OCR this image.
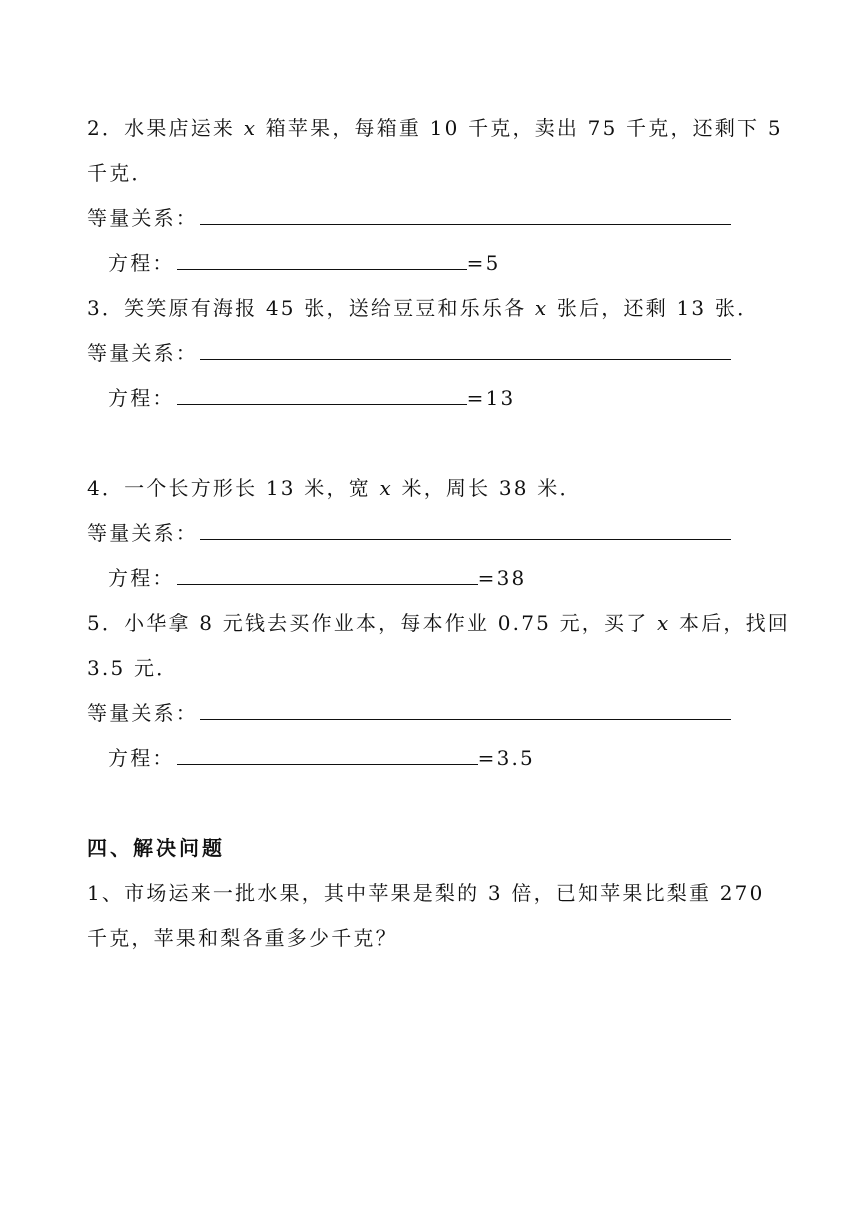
2．水果店运来 x 箱苹果，每箱重 10 千克，卖出 75 千克，还剩下 5
千克．
等量关系：
方程：	=5
3．笑笑原有海报 45 张，送给豆豆和乐乐各 x 张后，还剩 13 张．
等量关系：
方程：	=13
4．一个长方形长 13 米，宽 x 米，周长 38 米．
等量关系：
方程：	=38
5．小华拿 8 元钱去买作业本，每本作业 0.75 元，买了 x 本后，找回
3.5 元．
等量关系：
方程：	=3.5
四、解决问题
1、市场运来一批水果，其中苹果是梨的 3 倍，已知苹果比梨重 270
千克，苹果和梨各重多少千克？
